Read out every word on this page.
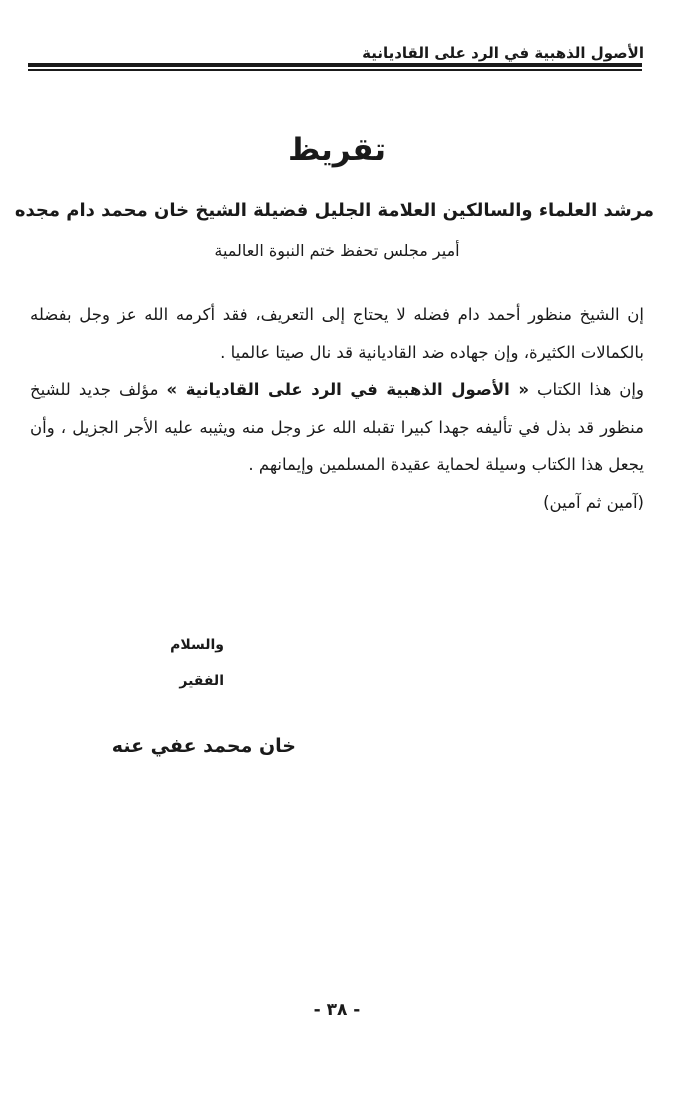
الأصول الذهبية في الرد على القاديانية
تقريظ
مرشد العلماء والسالكين العلامة الجليل فضيلة الشيخ خان محمد دام مجده
أمير مجلس تحفظ ختم النبوة العالمية

إن الشيخ منظور أحمد دام فضله لا يحتاج إلى التعريف، فقد أكرمه الله عز وجل بفضله بالكمالات الكثيرة، وإن جهاده ضد القاديانية قد نال صيتا عالميا .

وإن هذا الكتاب « الأصول الذهبية في الرد على القاديانية » مؤلف جديد للشيخ منظور قد بذل في تأليفه جهدا كبيرا تقبله الله عز وجل منه ويثيبه عليه الأجر الجزيل ، وأن يجعل هذا الكتاب وسيلة لحماية عقيدة المسلمين وإيمانهم .
(آمين ثم آمين)

والسلام
الفقير
خان محمد عفي عنه
- ٣٨ -
